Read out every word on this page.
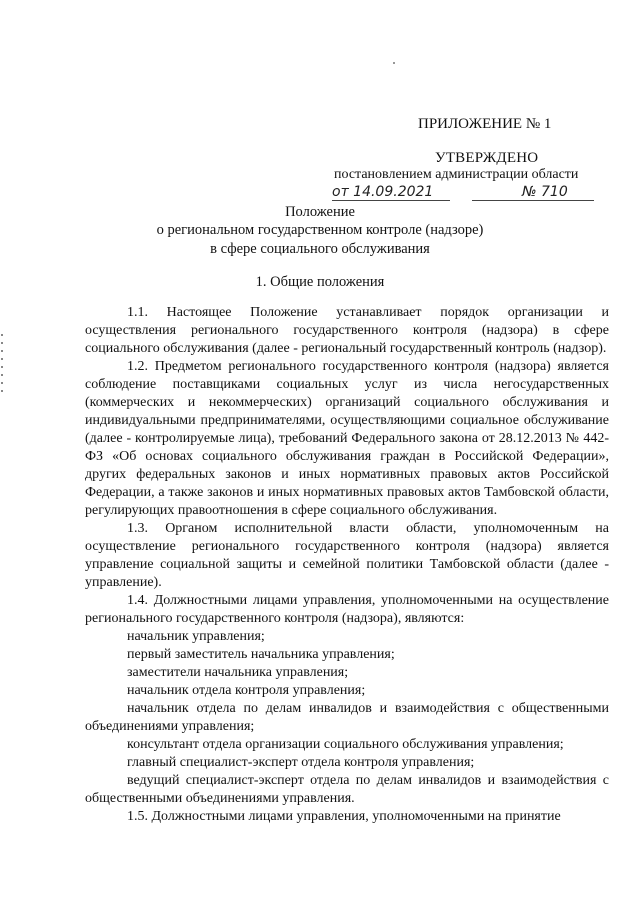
ПРИЛОЖЕНИЕ № 1
УТВЕРЖДЕНО
постановлением администрации области
от 14.09.2021	№ 710
Положение
о региональном государственном контроле (надзоре)
в сфере социального обслуживания
1. Общие положения

1.1. Настоящее Положение устанавливает порядок организации и осуществления регионального государственного контроля (надзора) в сфере социального обслуживания (далее - региональный государственный контроль (надзор).

1.2. Предметом регионального государственного контроля (надзора) является соблюдение поставщиками социальных услуг из числа негосударственных (коммерческих и некоммерческих) организаций социального обслуживания и индивидуальными предпринимателями, осуществляющими социальное обслуживание (далее - контролируемые лица), требований Федерального закона от 28.12.2013 № 442-ФЗ «Об основах социального обслуживания граждан в Российской Федерации», других федеральных законов и иных нормативных правовых актов Российской Федерации, а также законов и иных нормативных правовых актов Тамбовской области, регулирующих правоотношения в сфере социального обслуживания.

1.3. Органом исполнительной власти области, уполномоченным на осуществление регионального государственного контроля (надзора) является управление социальной защиты и семейной политики Тамбовской области (далее - управление).

1.4. Должностными лицами управления, уполномоченными на осуществление регионального государственного контроля (надзора), являются:

начальник управления;

первый заместитель начальника управления;

заместители начальника управления;

начальник отдела контроля управления;

начальник отдела по делам инвалидов и взаимодействия с общественными объединениями управления;

консультант отдела организации социального обслуживания управления;

главный специалист-эксперт отдела контроля управления;

ведущий специалист-эксперт отдела по делам инвалидов и взаимодействия с общественными объединениями управления.

1.5. Должностными лицами управления, уполномоченными на принятие
